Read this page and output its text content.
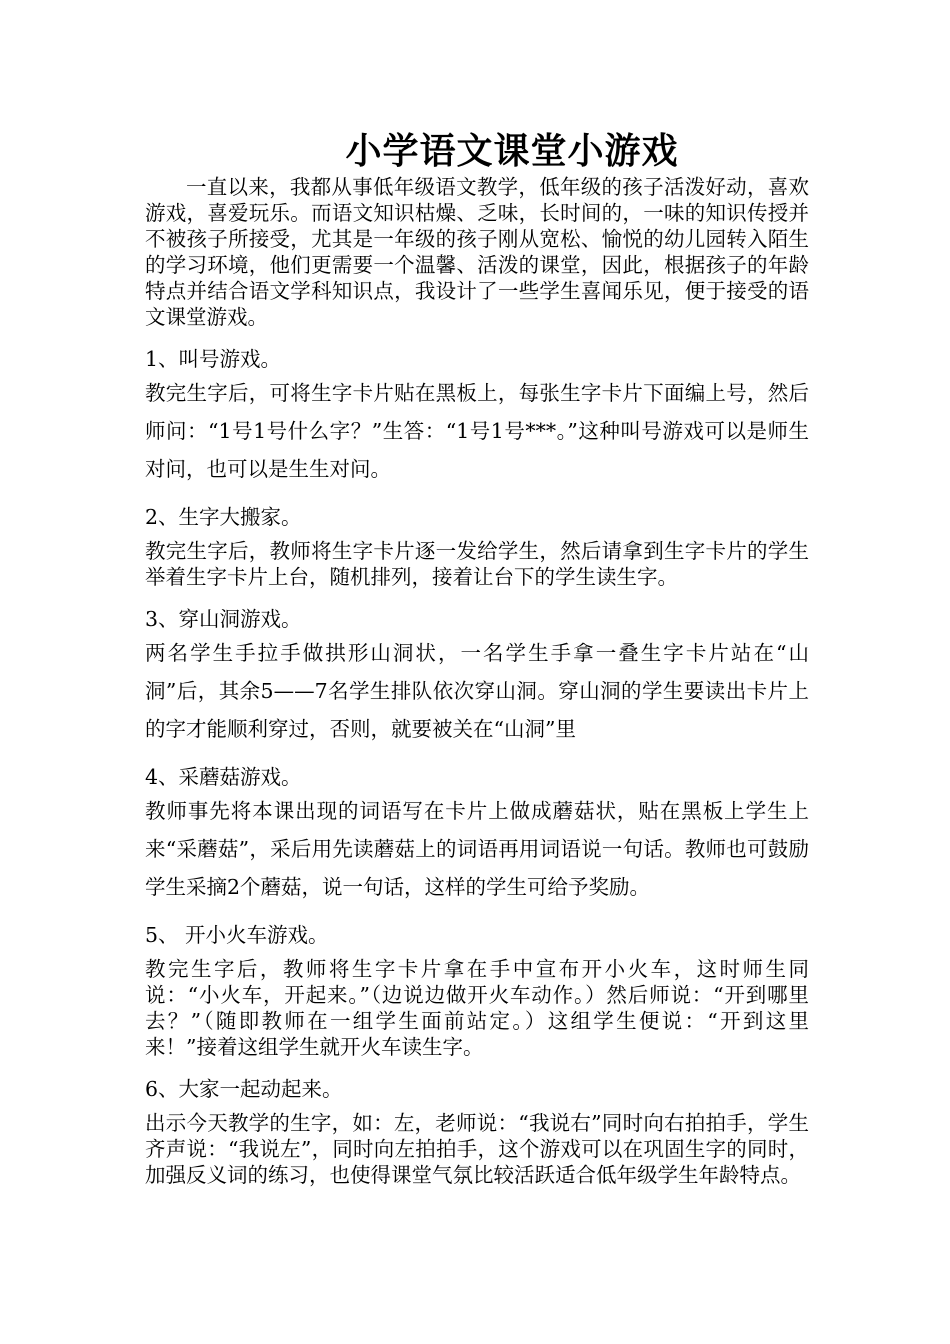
小学语文课堂小游戏

一直以来，我都从事低年级语文教学，低年级的孩子活泼好动，喜欢游戏，喜爱玩乐。而语文知识枯燥、乏味，长时间的，一味的知识传授并不被孩子所接受，尤其是一年级的孩子刚从宽松、愉悦的幼儿园转入陌生的学习环境，他们更需要一个温馨、活泼的课堂，因此，根据孩子的年龄特点并结合语文学科知识点，我设计了一些学生喜闻乐见，便于接受的语文课堂游戏。

1、叫号游戏。

教完生字后，可将生字卡片贴在黑板上，每张生字卡片下面编上号，然后师问：“1号1号什么字？”生答：“1号1号***。”这种叫号游戏可以是师生对问，也可以是生生对问。

2、生字大搬家。

教完生字后，教师将生字卡片逐一发给学生，然后请拿到生字卡片的学生举着生字卡片上台，随机排列，接着让台下的学生读生字。

3、穿山洞游戏。

两名学生手拉手做拱形山洞状，一名学生手拿一叠生字卡片站在“山洞”后，其余5——7名学生排队依次穿山洞。穿山洞的学生要读出卡片上的字才能顺利穿过，否则，就要被关在“山洞”里

4、采蘑菇游戏。

教师事先将本课出现的词语写在卡片上做成蘑菇状，贴在黑板上学生上来“采蘑菇”，采后用先读蘑菇上的词语再用词语说一句话。教师也可鼓励学生采摘2个蘑菇，说一句话，这样的学生可给予奖励。

5、 开小火车游戏。

教完生字后，教师将生字卡片拿在手中宣布开小火车，这时师生同说：“小火车，开起来。”（边说边做开火车动作。）然后师说：“开到哪里去？”（随即教师在一组学生面前站定。）这组学生便说：“开到这里来！”接着这组学生就开火车读生字。

6、大家一起动起来。

出示今天教学的生字，如：左，老师说：“我说右”同时向右拍拍手，学生齐声说：“我说左”，同时向左拍拍手，这个游戏可以在巩固生字的同时，加强反义词的练习，也使得课堂气氛比较活跃适合低年级学生年龄特点。
